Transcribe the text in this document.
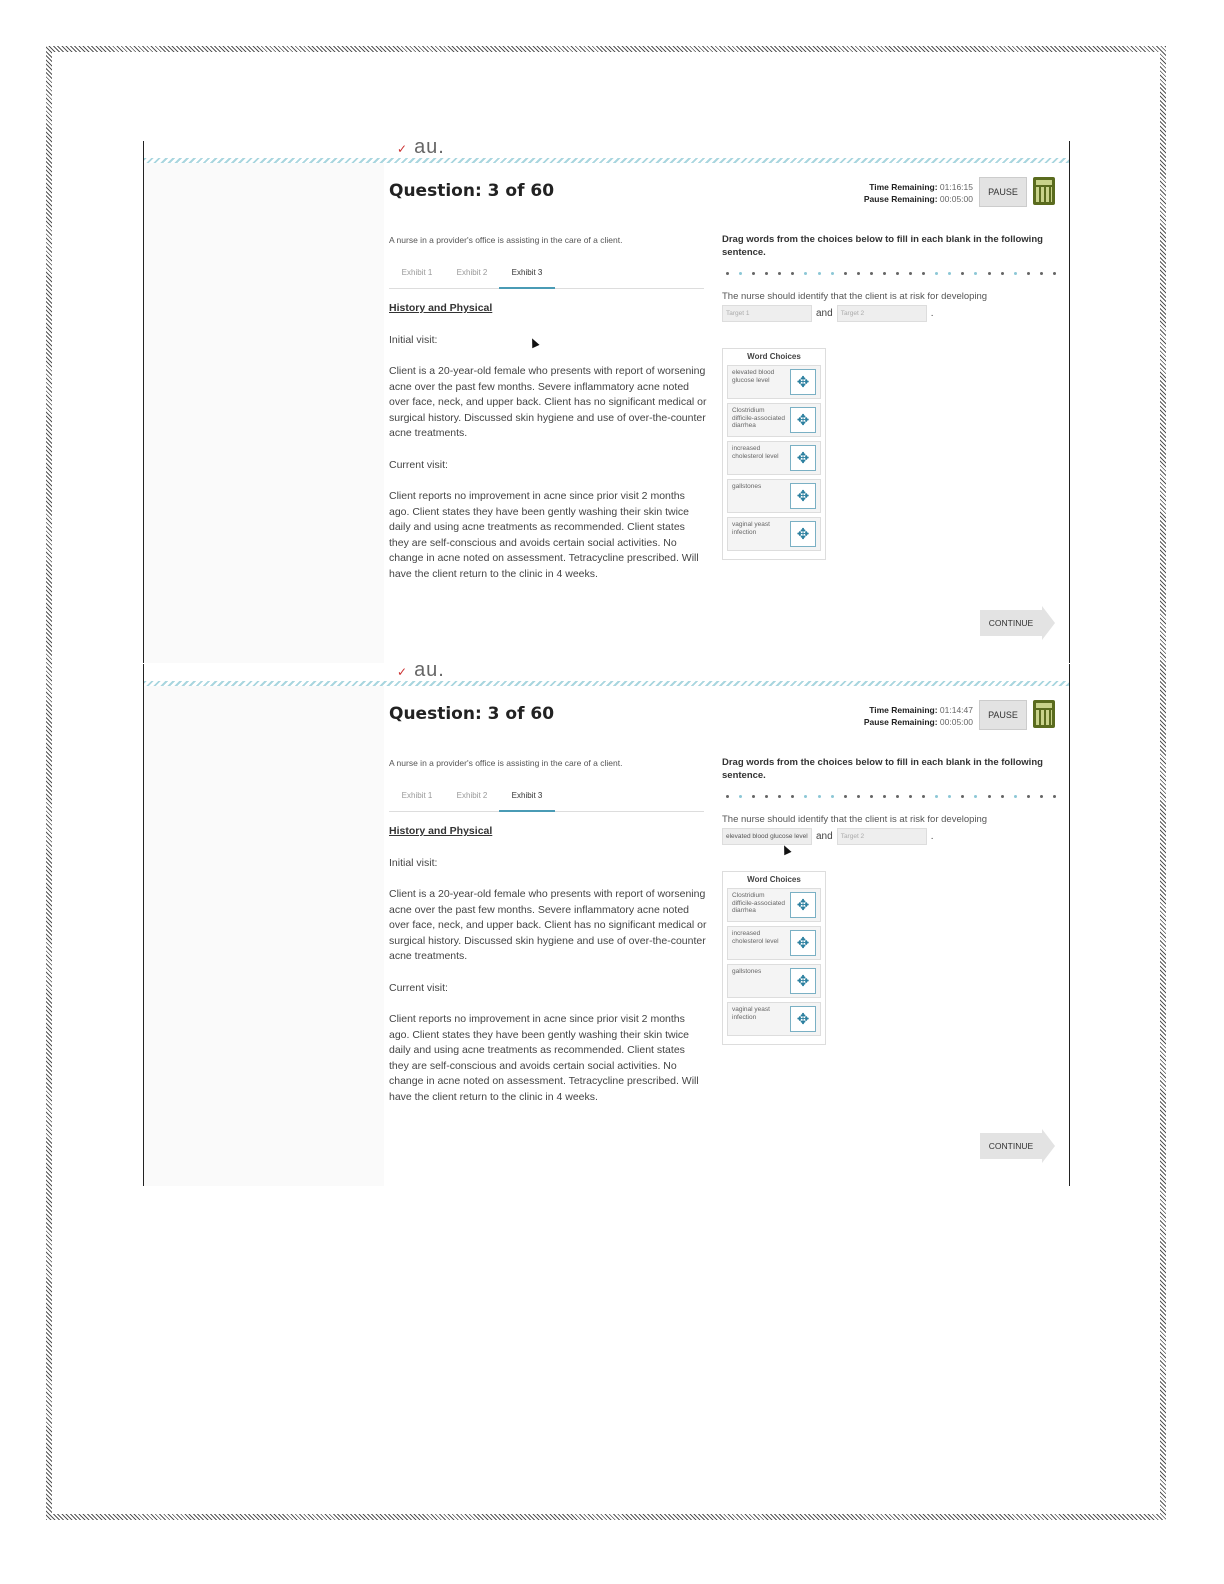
✓ au.
Question: 3 of 60	Time Remaining: 01:16:15
Pause Remaining: 00:05:00
PAUSE
A nurse in a provider's office is assisting in the care of a client.
Exhibit 1	Exhibit 2	Exhibit 3
History and Physical

Initial visit:

Client is a 20-year-old female who presents with report of worsening acne over the past few months. Severe inflammatory acne noted over face, neck, and upper back. Client has no significant medical or surgical history. Discussed skin hygiene and use of over-the-counter acne treatments.

Current visit:

Client reports no improvement in acne since prior visit 2 months ago. Client states they have been gently washing their skin twice daily and using acne treatments as recommended. Client states they are self-conscious and avoids certain social activities. No change in acne noted on assessment. Tetracycline prescribed. Will have the client return to the clinic in 4 weeks.

Drag words from the choices below to fill in each blank in the following sentence.
The nurse should identify that the client is at risk for developing
Target 1	and	Target 2	.
Word Choices
elevated blood glucose level	✥
Clostridium difficile-associated diarrhea	✥
increased cholesterol level	✥
gallstones
✥
vaginal yeast infection	✥
CONTINUE
✓ au.
Question: 3 of 60	Time Remaining: 01:14:47
Pause Remaining: 00:05:00
PAUSE
A nurse in a provider's office is assisting in the care of a client.
Exhibit 1	Exhibit 2	Exhibit 3
History and Physical

Initial visit:

Client is a 20-year-old female who presents with report of worsening acne over the past few months. Severe inflammatory acne noted over face, neck, and upper back. Client has no significant medical or surgical history. Discussed skin hygiene and use of over-the-counter acne treatments.

Current visit:

Client reports no improvement in acne since prior visit 2 months ago. Client states they have been gently washing their skin twice daily and using acne treatments as recommended. Client states they are self-conscious and avoids certain social activities. No change in acne noted on assessment. Tetracycline prescribed. Will have the client return to the clinic in 4 weeks.

Drag words from the choices below to fill in each blank in the following sentence.
The nurse should identify that the client is at risk for developing
elevated blood glucose level and	Target 2	.
Word Choices
Clostridium difficile-associated diarrhea	✥
increased cholesterol level	✥
gallstones
✥
vaginal yeast infection	✥
CONTINUE
